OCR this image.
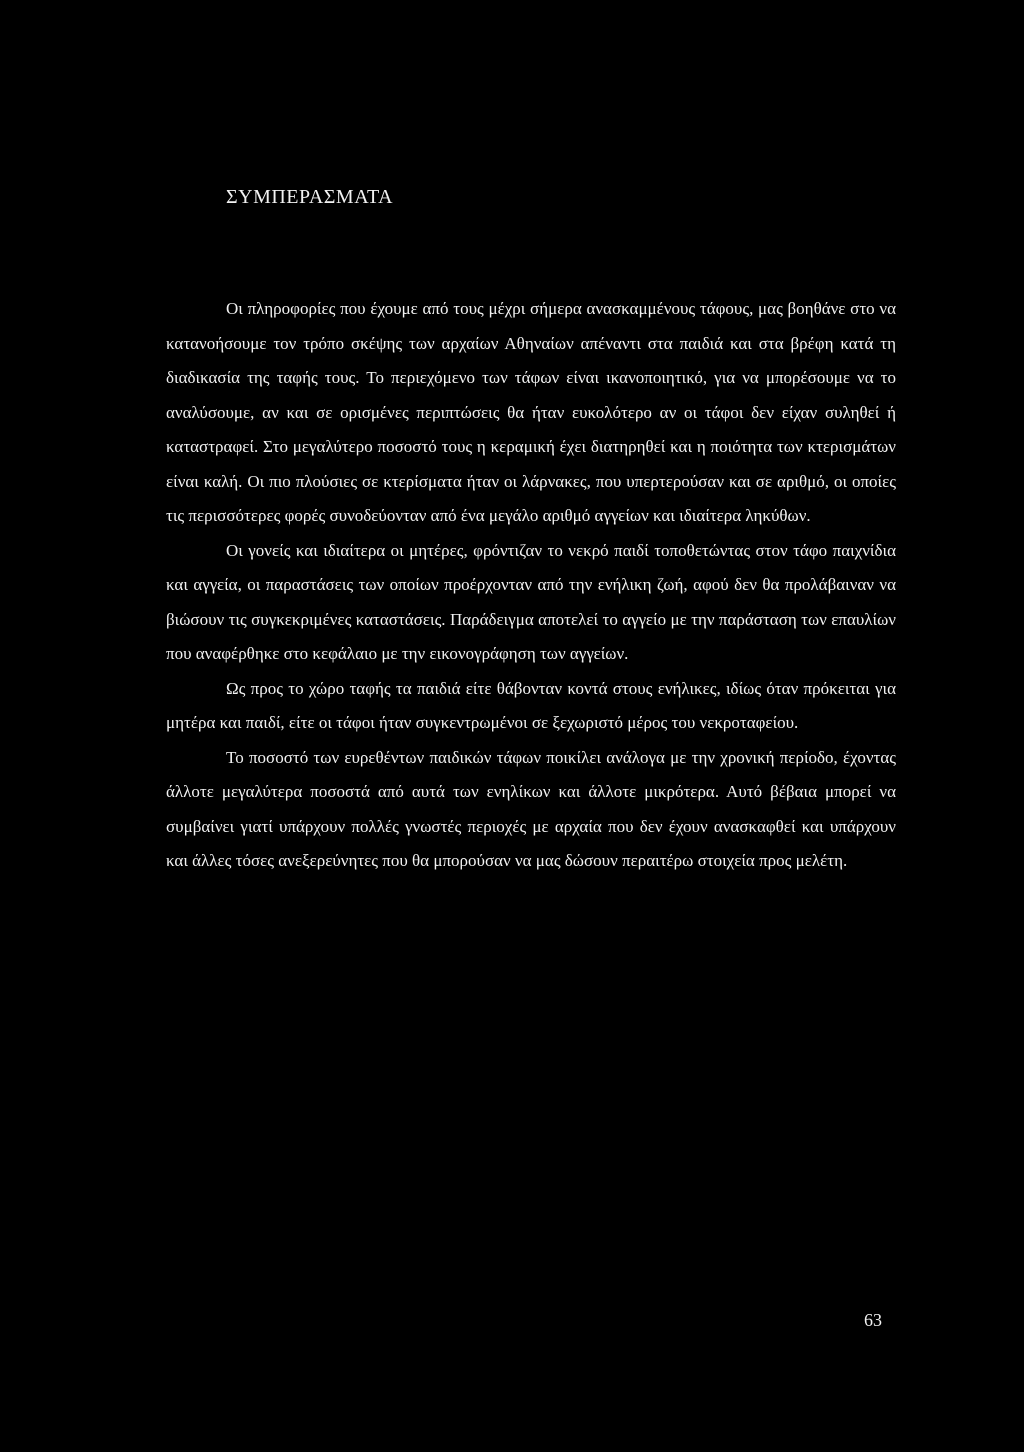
ΣΥΜΠΕΡΑΣΜΑΤΑ

Οι πληροφορίες που έχουμε από τους μέχρι σήμερα ανασκαμμένους τάφους, μας βοηθάνε στο να κατανοήσουμε τον τρόπο σκέψης των αρχαίων Αθηναίων απέναντι στα παιδιά και στα βρέφη κατά τη διαδικασία της ταφής τους. Το περιεχόμενο των τάφων είναι ικανοποιητικό, για να μπορέσουμε να το αναλύσουμε, αν και σε ορισμένες περιπτώσεις θα ήταν ευκολότερο αν οι τάφοι δεν είχαν συληθεί ή καταστραφεί. Στο μεγαλύτερο ποσοστό τους η κεραμική έχει διατηρηθεί και η ποιότητα των κτερισμάτων είναι καλή. Οι πιο πλούσιες σε κτερίσματα ήταν οι λάρνακες, που υπερτερούσαν και σε αριθμό, οι οποίες τις περισσότερες φορές συνοδεύονταν από ένα μεγάλο αριθμό αγγείων και ιδιαίτερα ληκύθων.

Οι γονείς και ιδιαίτερα οι μητέρες, φρόντιζαν το νεκρό παιδί τοποθετώντας στον τάφο παιχνίδια και αγγεία, οι παραστάσεις των οποίων προέρχονταν από την ενήλικη ζωή, αφού δεν θα προλάβαιναν να βιώσουν τις συγκεκριμένες καταστάσεις. Παράδειγμα αποτελεί το αγγείο με την παράσταση των επαυλίων που αναφέρθηκε στο κεφάλαιο με την εικονογράφηση των αγγείων.

Ως προς το χώρο ταφής τα παιδιά είτε θάβονταν κοντά στους ενήλικες, ιδίως όταν πρόκειται για μητέρα και παιδί, είτε οι τάφοι ήταν συγκεντρωμένοι σε ξεχωριστό μέρος του νεκροταφείου.

Το ποσοστό των ευρεθέντων παιδικών τάφων ποικίλει ανάλογα με την χρονική περίοδο, έχοντας άλλοτε μεγαλύτερα ποσοστά από αυτά των ενηλίκων και άλλοτε μικρότερα. Αυτό βέβαια μπορεί να συμβαίνει γιατί υπάρχουν πολλές γνωστές περιοχές με αρχαία που δεν έχουν ανασκαφθεί και υπάρχουν και άλλες τόσες ανεξερεύνητες που θα μπορούσαν να μας δώσουν περαιτέρω στοιχεία προς μελέτη.

63
